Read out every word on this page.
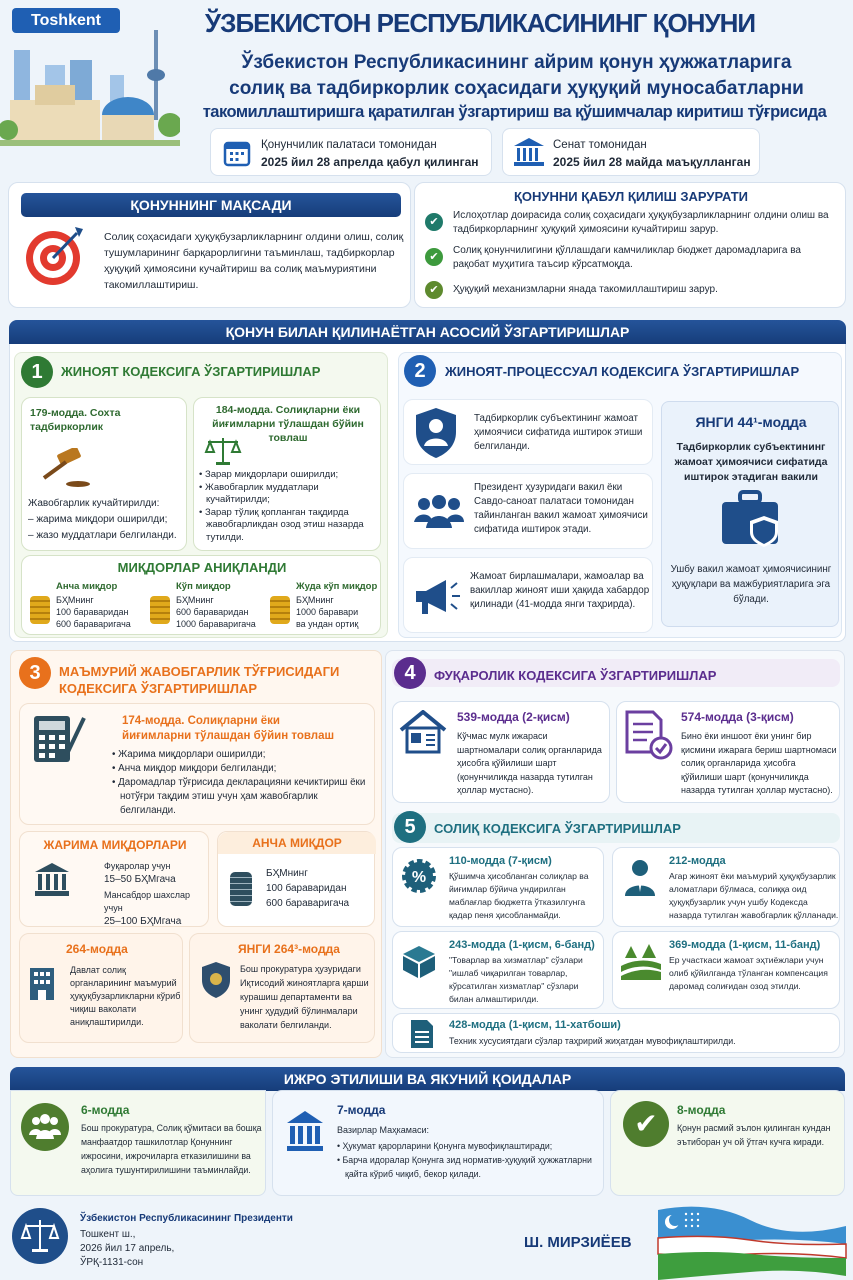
Toshkent	ЎЗБЕКИСТОН РЕСПУБЛИКАСИНИНГ ҚОНУНИ
Ўзбекистон Республикасининг айрим қонун ҳужжатларига
солиқ ва тадбиркорлик соҳасидаги ҳуқуқий муносабатларни
такомиллаштиришга қаратилган ўзгартириш ва қўшимчалар киритиш тўғрисида
Қонунчилик палатаси томонидан
2025 йил 28 апрелда қабул қилинган
Сенат томонидан
2025 йил 28 майда маъқулланган
ҚОНУННИНГ МАҚСАДИ
Солиқ соҳасидаги ҳуқуқбузарликларнинг олдини олиш, солиқ тушумларининг барқарорлигини таъминлаш, тадбиркорлар ҳуқуқий ҳимоясини кучайтириш ва солиқ маъмуриятини такомиллаштириш.
ҚОНУННИ ҚАБУЛ ҚИЛИШ ЗАРУРАТИ
✔
Ислоҳотлар доирасида солиқ соҳасидаги ҳуқуқбузарликларнинг олдини олиш ва тадбиркорларнинг ҳуқуқий ҳимоясини кучайтириш зарур.
✔
Солиқ қонунчилигини қўллашдаги камчиликлар бюджет даромадларига ва рақобат муҳитига таъсир кўрсатмоқда.
✔	Ҳуқуқий механизмларни янада такомиллаштириш зарур.
ҚОНУН БИЛАН ҚИЛИНАЁТГАН АСОСИЙ ЎЗГАРТИРИШЛАР
1	ЖИНОЯТ КОДЕКСИГА ЎЗГАРТИРИШЛАР
179-модда. Сохта тадбиркорлик
Жавобгарлик кучайтирилди:
– жарима миқдори оширилди;
– жазо муддатлари белгиланди.
184-модда. Солиқларни ёки йиғимларни тўлашдан бўйин товлаш
• Зарар миқдорлари оширилди;
• Жавобгарлик муддатлари кучайтирилди;
• Зарар тўлиқ қопланган тақдирда жавобгарликдан озод этиш назарда тутилди.
МИҚДОРЛАР АНИҚЛАНДИ
Анча миқдор
БҲМнинг
100 бараваридан
600 бараваригача
Кўп миқдор
БҲМнинг
600 бараваридан
1000 бараваригача
Жуда кўп миқдор
БҲМнинг
1000 баравари
ва ундан ортиқ
2	ЖИНОЯТ-ПРОЦЕССУАЛ КОДЕКСИГА ЎЗГАРТИРИШЛАР
Тадбиркорлик субъектининг жамоат ҳимоячиси сифатида иштирок этиши белгиланди.
Президент ҳузуридаги вакил ёки Савдо-саноат палатаси томонидан тайинланган вакил жамоат ҳимоячиси сифатида иштирок этади.
Жамоат бирлашмалари, жамоалар ва вакиллар жиноят иши ҳақида хабардор қилинади (41-модда янги таҳрирда).
ЯНГИ 44¹-модда
Тадбиркорлик субъектининг жамоат ҳимоячиси сифатида иштирок этадиган вакили
Ушбу вакил жамоат ҳимоячисининг ҳуқуқлари ва мажбуриятларига эга бўлади.
3	МАЪМУРИЙ ЖАВОБГАРЛИК ТЎҒРИСИДАГИ КОДЕКСИГА ЎЗГАРТИРИШЛАР
174-модда. Солиқларни ёки йиғимларни тўлашдан бўйин товлаш
• Жарима миқдорлари оширилди;
• Анча миқдор миқдори белгиланди;
• Даромадлар тўғрисида декларацияни кечиктириш ёки нотўғри тақдим этиш учун ҳам жавобгарлик белгиланди.
ЖАРИМА МИҚДОРЛАРИ
Фуқаролар учун
15–50 БҲМгача
Мансабдор шахслар учун
25–100 БҲМгача
АНЧА МИҚДОР
БҲМнинг
100 бараваридан
600 бараваригача
264-модда
Давлат солиқ органларининг маъмурий ҳуқуқбузарликларни кўриб чиқиш ваколати аниқлаштирилди.
ЯНГИ 264³-модда
Бош прокуратура ҳузуридаги Иқтисодий жиноятларга қарши курашиш департаменти ва унинг ҳудудий бўлинмалари ваколати белгиланди.
4	ФУҚАРОЛИК КОДЕКСИГА ЎЗГАРТИРИШЛАР
539-модда (2-қисм)
Кўчмас мулк ижараси шартномалари солиқ органларида ҳисобга қўйилиши шарт (қонунчиликда назарда тутилган ҳоллар мустасно).
574-модда (3-қисм)
Бино ёки иншоот ёки унинг бир қисмини ижарага бериш шартномаси солиқ органларида ҳисобга қўйилиши шарт (қонунчиликда назарда тутилган ҳоллар мустасно).
5	СОЛИҚ КОДЕКСИГА ЎЗГАРТИРИШЛАР
%
110-модда (7-қисм)
Қўшимча ҳисобланган солиқлар ва йиғимлар бўйича ундирилган маблағлар бюджетга ўтказилгунга қадар пеня ҳисобланмайди.
212-модда
Агар жиноят ёки маъмурий ҳуқуқбузарлик аломатлари бўлмаса, солиққа оид ҳуқуқбузарлик учун ушбу Кодексда назарда тутилган жавобгарлик қўлланади.
243-модда (1-қисм, 6-банд)
"Товарлар ва хизматлар" сўзлари "ишлаб чиқарилган товарлар, кўрсатилган хизматлар" сўзлари билан алмаштирилди.
369-модда (1-қисм, 11-банд)
Ер участкаси жамоат эҳтиёжлари учун олиб қўйилганда тўланган компенсация даромад солиғидан озод этилди.
428-модда (1-қисм, 11-хатбоши)
Техник хусусиятдаги сўзлар таҳририй жиҳатдан мувофиқлаштирилди.
ИЖРО ЭТИЛИШИ ВА ЯКУНИЙ ҚОИДАЛАР
6-модда
Бош прокуратура, Солиқ қўмитаси ва бошқа манфаатдор ташкилотлар Қонуннинг ижросини, ижрочиларга етказилишини ва аҳолига тушунтирилишини таъминлайди.
7-модда
Вазирлар Маҳкамаси:
• Ҳукумат қарорларини Қонунга мувофиқлаштиради;
• Барча идоралар Қонунга зид норматив-ҳуқуқий ҳужжатларни қайта кўриб чиқиб, бекор қилади.
✔	8-модда
Қонун расмий эълон қилинган кундан эътиборан уч ой ўтгач кучга киради.
Ўзбекистон Республикасининг Президенти
Тошкент ш.,
2026 йил 17 апрель,
ЎРҚ-1131-сон
Ш. МИРЗИЁЕВ
